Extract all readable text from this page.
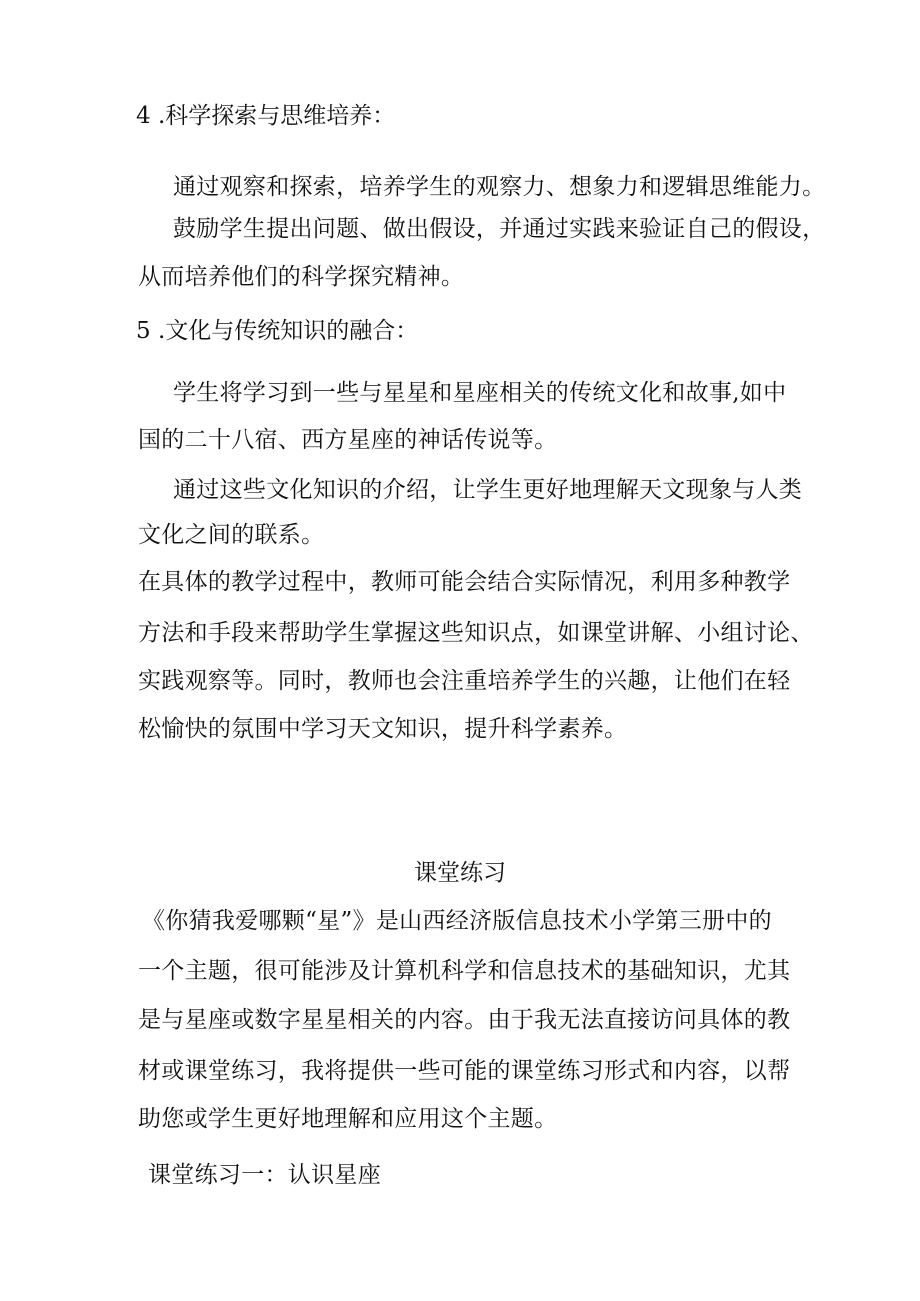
4 .科学探索与思维培养：
通过观察和探索，培养学生的观察力、想象力和逻辑思维能力。
鼓励学生提出问题、做出假设，并通过实践来验证自己的假设，
从而培养他们的科学探究精神。
5 .文化与传统知识的融合：
学生将学习到一些与星星和星座相关的传统文化和故事,如中
国的二十八宿、西方星座的神话传说等。
通过这些文化知识的介绍，让学生更好地理解天文现象与人类
文化之间的联系。
在具体的教学过程中，教师可能会结合实际情况，利用多种教学
方法和手段来帮助学生掌握这些知识点，如课堂讲解、小组讨论、
实践观察等。同时，教师也会注重培养学生的兴趣，让他们在轻
松愉快的氛围中学习天文知识，提升科学素养。
课堂练习
《你猜我爱哪颗“星”》是山西经济版信息技术小学第三册中的
一个主题，很可能涉及计算机科学和信息技术的基础知识，尤其
是与星座或数字星星相关的内容。由于我无法直接访问具体的教
材或课堂练习，我将提供一些可能的课堂练习形式和内容，以帮
助您或学生更好地理解和应用这个主题。
课堂练习一：认识星座
